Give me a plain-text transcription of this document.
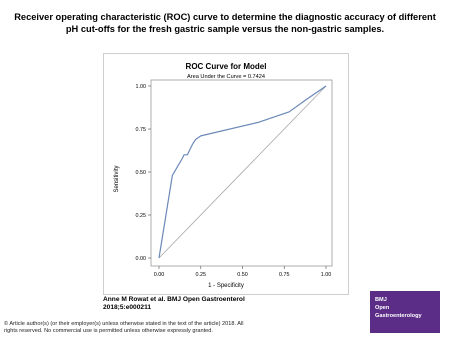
Receiver operating characteristic (ROC) curve to determine the diagnostic accuracy of different
pH cut-offs for the fresh gastric sample versus the non-gastric samples.
ROC Curve for Model
Area Under the Curve = 0.7424
0.00	0.25	0.50	0.75	1.00
0.00
0.25
0.50
0.75
1.00
1 - Specificity
Sensitivity
Anne M Rowat et al. BMJ Open Gastroenterol
2018;5:e000211
© Article author(s) (or their employer(s) unless otherwise stated in the text of the article) 2018. All
rights reserved. No commercial use is permitted unless otherwise expressly granted.
BMJ
Open
Gastroenterology
